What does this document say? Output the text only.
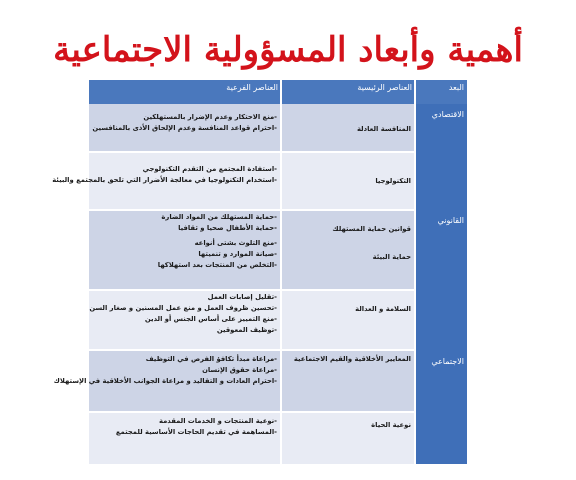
أهمية وأبعاد المسؤولية الاجتماعية
البعد
العناصر الرئيسية
العناصر الفرعية
الاقتصادي
القانوني
الاجتماعي
المنافسة العادلة
-منع الاحتكار وعدم الإضرار بالمستهلكين
-احترام قواعد المنافسة وعدم الإلحاق الأذى بالمنافسين
التكنولوجيا
-استفادة المجتمع من التقدم التكنولوجي
-استخدام التكنولوجيا في معالجة الأضرار التي تلحق بالمجتمع والبيئة
قوانين حماية المستهلك
-حماية المستهلك من المواد الضارة
-حماية الأطفال صحيا و ثقافيا
حماية البيئة
-منع التلوث بشتى أنواعه
-صيانة الموارد و تنميتها
-التخلص من المنتجات بعد استهلاكها
السلامة و العدالة
-تقليل إصابات العمل
-تحسين ظروف العمل و منع عمل المسنين و صغار السن
-منع التمييز على أساس الجنس أو الدين
-توظيف المعوقين
المعايير الأخلاقية والقيم الاجتماعية
-مراعاة مبدأ تكافؤ الفرص في التوظيف
-مراعاة حقوق الإنسان
-احترام العادات و التقاليد و مراعاة الجوانب الأخلاقية في الإستهلاك
نوعية الحياة
-نوعية المنتجات و الخدمات المقدمة
-المساهمة في تقديم الحاجات الأساسية للمجتمع
